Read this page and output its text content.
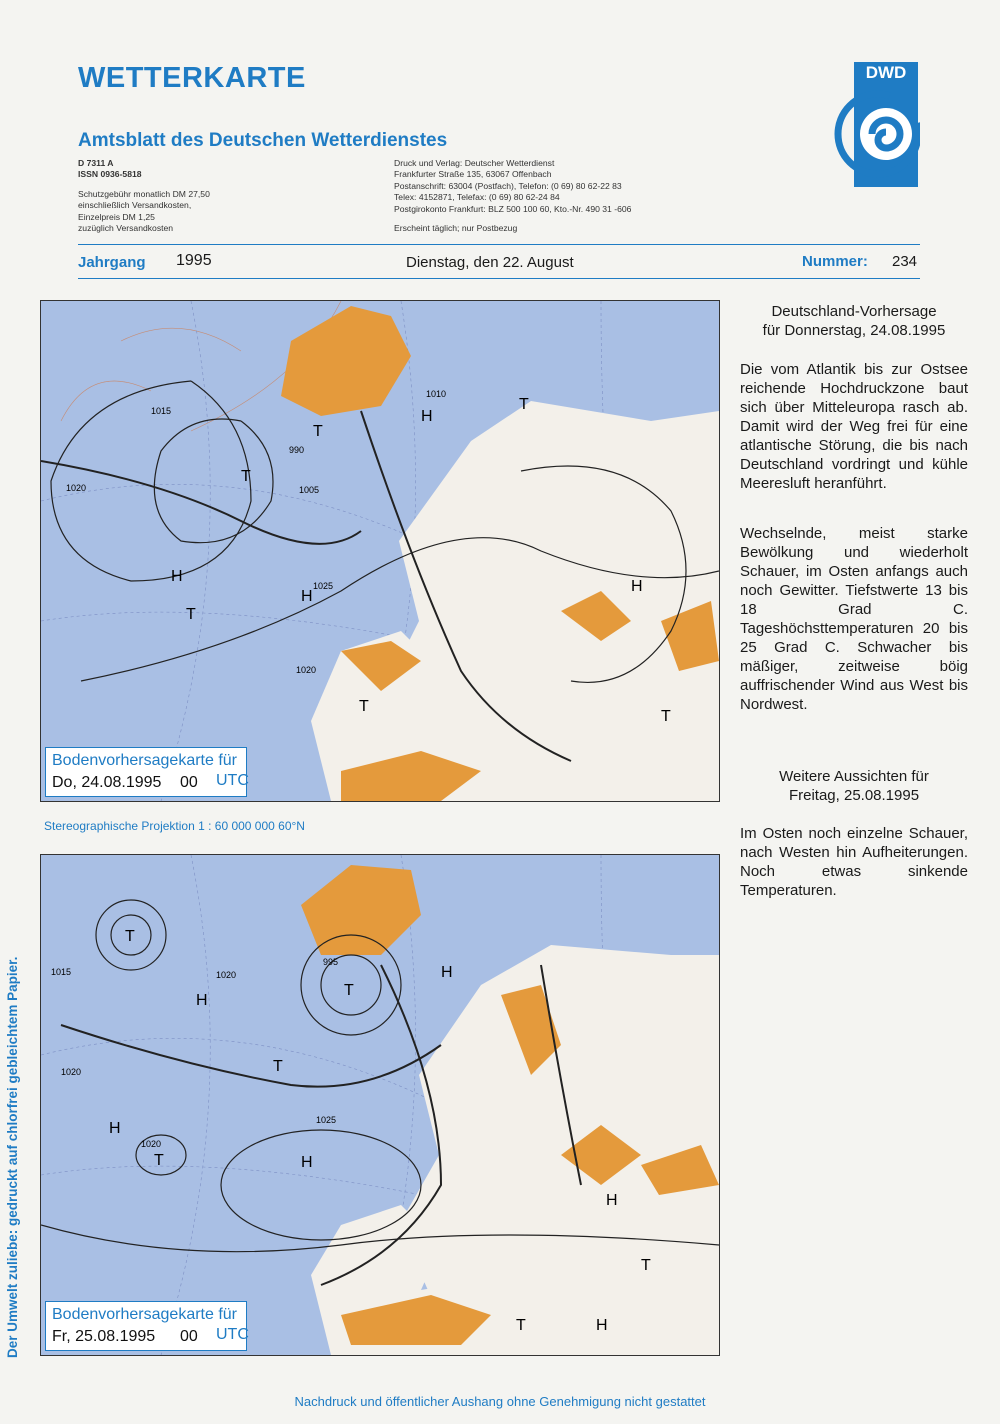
WETTERKARTE
Amtsblatt des Deutschen Wetterdienstes
DWD
D 7311 A
ISSN 0936-5818
Schutzgebühr monatlich DM 27,50
einschließlich Versandkosten,
Einzelpreis DM 1,25
zuzüglich Versandkosten
Druck und Verlag: Deutscher Wetterdienst
Frankfurter Straße 135, 63067 Offenbach
Postanschrift: 63004 (Postfach), Telefon: (0 69) 80 62-22 83
Telex: 4152871, Telefax: (0 69) 80 62-24 84
Postgirokonto Frankfurt: BLZ 500 100 60, Kto.-Nr. 490 31 -606
Erscheint täglich; nur Postbezug
Jahrgang 1995	Dienstag, den 22. August	Nummer: 234
H
H
H
H
T
T
T
T
T
T
1015
1020
1025
1020
1010
1005
990
Bodenvorhersagekarte für
Do, 24.08.1995 00 UTC
Stereographische Projektion 1 : 60 000 000 60°N
H
H
H
H
H
H
T
T
T
T
T
T
1015	1020
1025
1020
995
1020
Bodenvorhersagekarte für
Fr, 25.08.1995 00 UTC
Deutschland-Vorhersage
für Donnerstag, 24.08.1995
Die vom Atlantik bis zur Ostsee reichende Hochdruckzone baut sich über Mitteleuropa rasch ab. Damit wird der Weg frei für eine atlantische Störung, die bis nach Deutschland vordringt und kühle Meeresluft heranführt.
Wechselnde, meist starke Bewölkung und wiederholt Schauer, im Osten anfangs auch noch Gewitter. Tiefstwerte 13 bis 18 Grad C. Tageshöchsttemperaturen 20 bis 25 Grad C. Schwacher bis mäßiger, zeitweise böig auffrischender Wind aus West bis Nordwest.
Weitere Aussichten für
Freitag, 25.08.1995
Im Osten noch einzelne Schauer, nach Westen hin Aufheiterungen. Noch etwas sinkende Temperaturen.
Der Umwelt zuliebe: gedruckt auf chlorfrei gebleichtem Papier.
Nachdruck und öffentlicher Aushang ohne Genehmigung nicht gestattet
